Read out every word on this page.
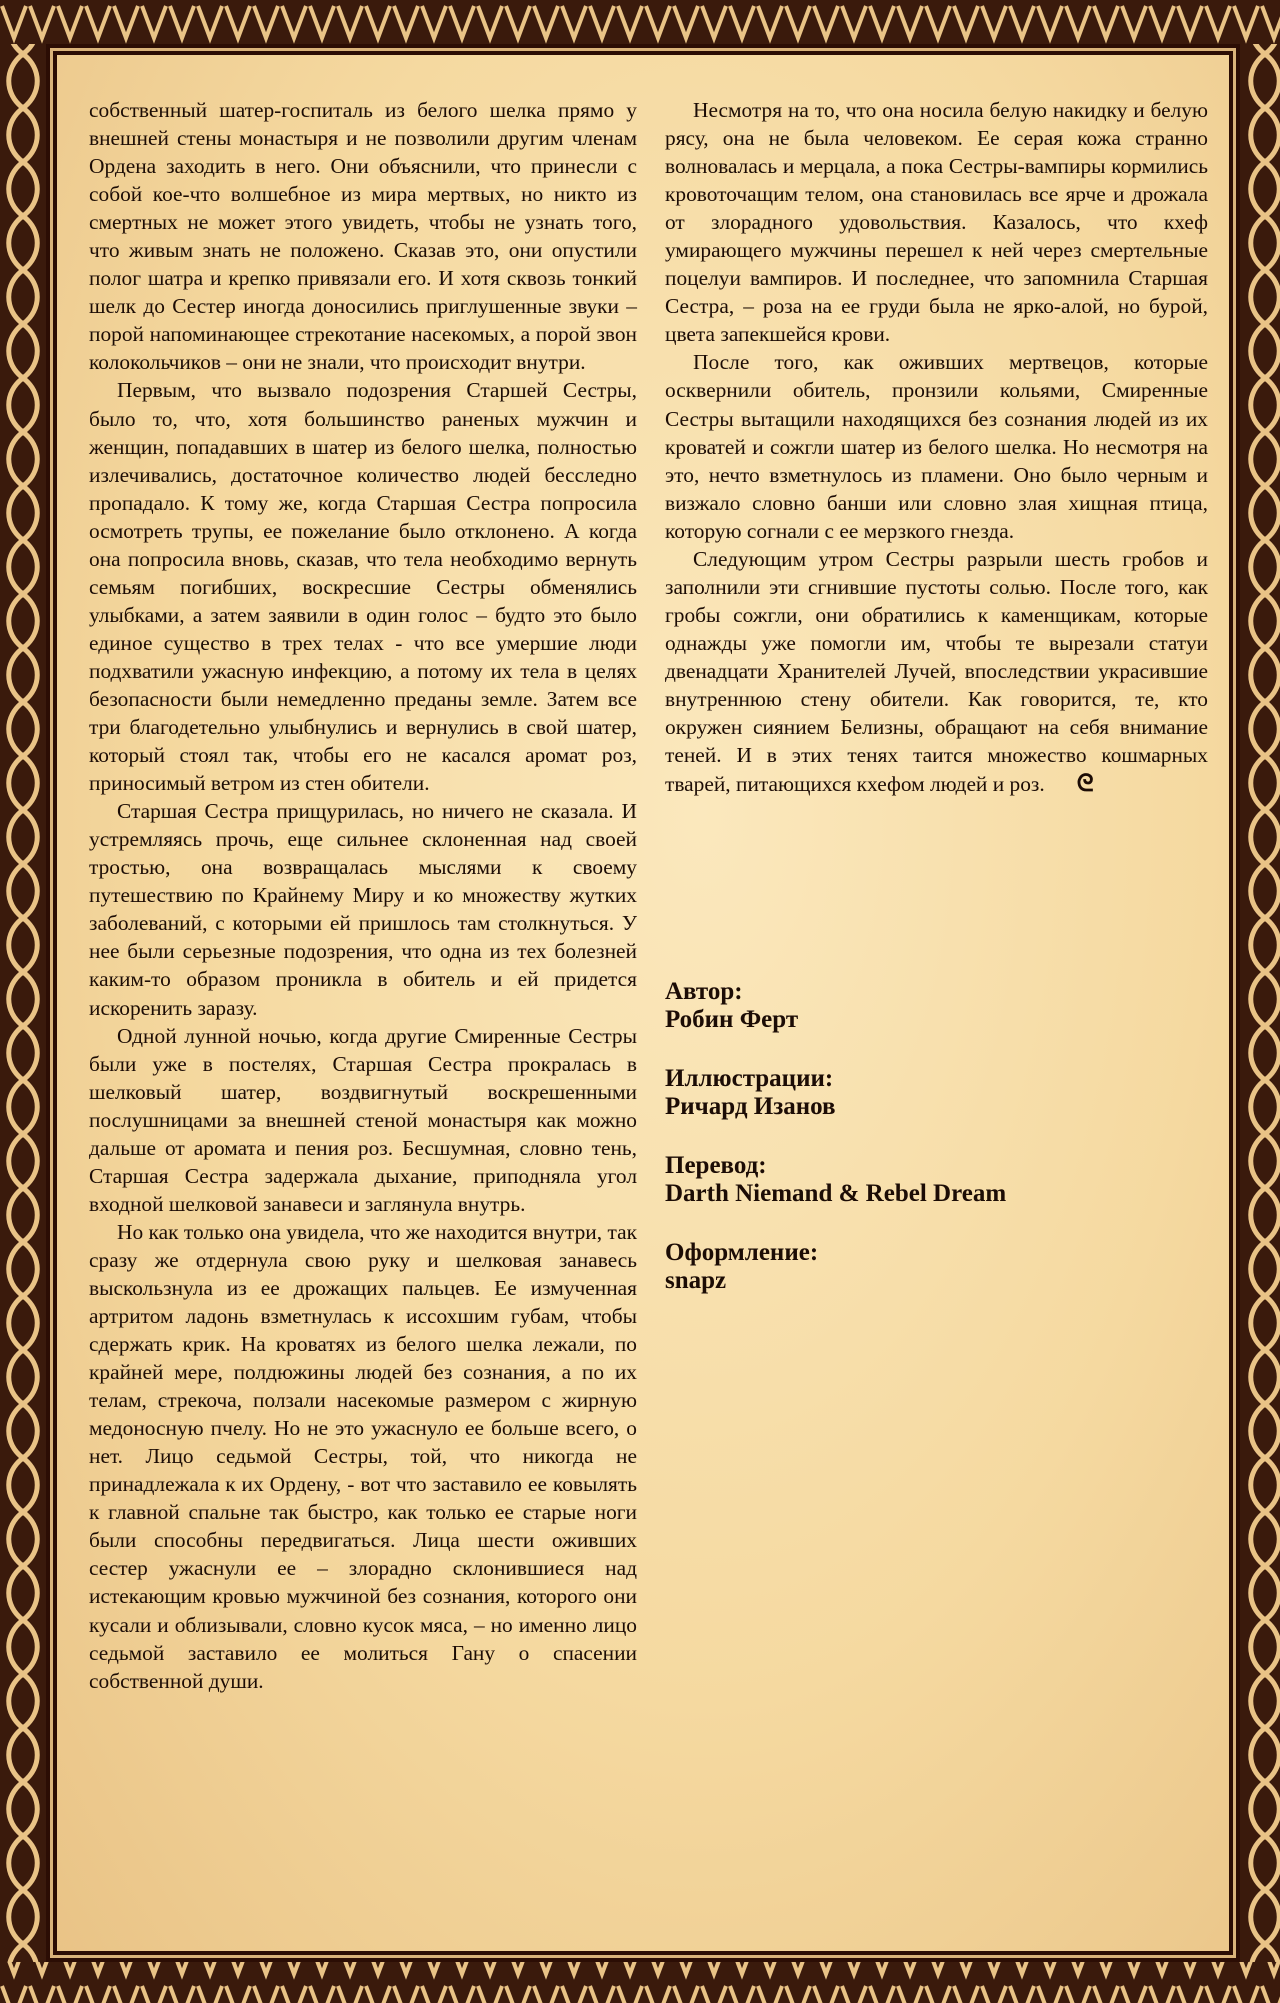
собственный шатер-госпиталь из белого шелка прямо у внешней стены монастыря и не позволили другим членам Ордена заходить в него. Они объяснили, что принесли с собой кое-что волшебное из мира мертвых, но никто из смертных не может этого увидеть, чтобы не узнать того, что живым знать не положено. Сказав это, они опустили полог шатра и крепко привязали его. И хотя сквозь тонкий шелк до Сестер иногда доносились приглушенные звуки – порой напоминающее стрекотание насекомых, а порой звон колокольчиков – они не знали, что происходит внутри.

Первым, что вызвало подозрения Старшей Сестры, было то, что, хотя большинство раненых мужчин и женщин, попадавших в шатер из белого шелка, полностью излечивались, достаточное количество людей бесследно пропадало. К тому же, когда Старшая Сестра попросила осмотреть трупы, ее пожелание было отклонено. А когда она попросила вновь, сказав, что тела необходимо вернуть семьям погибших, воскресшие Сестры обменялись улыбками, а затем заявили в один голос – будто это было единое существо в трех телах - что все умершие люди подхватили ужасную инфекцию, а потому их тела в целях безопасности были немедленно преданы земле. Затем все три благодетельно улыбнулись и вернулись в свой шатер, который стоял так, чтобы его не касался аромат роз, приносимый ветром из стен обители.

Старшая Сестра прищурилась, но ничего не сказала. И устремляясь прочь, еще сильнее склоненная над своей тростью, она возвращалась мыслями к своему путешествию по Крайнему Миру и ко множеству жутких заболеваний, с которыми ей пришлось там столкнуться. У нее были серьезные подозрения, что одна из тех болезней каким-то образом проникла в обитель и ей придется искоренить заразу.

Одной лунной ночью, когда другие Смиренные Сестры были уже в постелях, Старшая Сестра прокралась в шелковый шатер, воздвигнутый воскрешенными послушницами за внешней стеной монастыря как можно дальше от аромата и пения роз. Бесшумная, словно тень, Старшая Сестра задержала дыхание, приподняла угол входной шелковой занавеси и заглянула внутрь.

Но как только она увидела, что же находится внутри, так сразу же отдернула свою руку и шелковая занавесь выскользнула из ее дрожащих пальцев. Ее измученная артритом ладонь взметнулась к иссохшим губам, чтобы сдержать крик. На кроватях из белого шелка лежали, по крайней мере, полдюжины людей без сознания, а по их телам, стрекоча, ползали насекомые размером с жирную медоносную пчелу. Но не это ужаснуло ее больше всего, о нет. Лицо седьмой Сестры, той, что никогда не принадлежала к их Ордену, - вот что заставило ее ковылять к главной спальне так быстро, как только ее старые ноги были способны передвигаться. Лица шести оживших сестер ужаснули ее – злорадно склонившиеся над истекающим кровью мужчиной без сознания, которого они кусали и облизывали, словно кусок мяса, – но именно лицо седьмой заставило ее молиться Гану о спасении собственной души.

Несмотря на то, что она носила белую накидку и белую рясу, она не была человеком. Ее серая кожа странно волновалась и мерцала, а пока Сестры-вампиры кормились кровоточащим телом, она становилась все ярче и дрожала от злорадного удовольствия. Казалось, что кхеф умирающего мужчины перешел к ней через смертельные поцелуи вампиров. И последнее, что запомнила Старшая Сестра, – роза на ее груди была не ярко-алой, но бурой, цвета запекшейся крови.

После того, как оживших мертвецов, которые осквернили обитель, пронзили кольями, Смиренные Сестры вытащили находящихся без сознания людей из их кроватей и сожгли шатер из белого шелка. Но несмотря на это, нечто взметнулось из пламени. Оно было черным и визжало словно банши или словно злая хищная птица, которую согнали с ее мерзкого гнезда.

Следующим утром Сестры разрыли шесть гробов и заполнили эти сгнившие пустоты солью. После того, как гробы сожгли, они обратились к каменщикам, которые однажды уже помогли им, чтобы те вырезали статуи двенадцати Хранителей Лучей, впоследствии украсившие внутреннюю стену обители. Как говорится, те, кто окружен сиянием Белизны, обращают на себя внимание теней. И в этих тенях таится множество кошмарных тварей, питающихся кхефом людей и роз. ᘓ

Автор:
Робин Ферт
Иллюстрации:
Ричард Изанов
Перевод:
Darth Niemand & Rebel Dream
Оформление:
snapz
